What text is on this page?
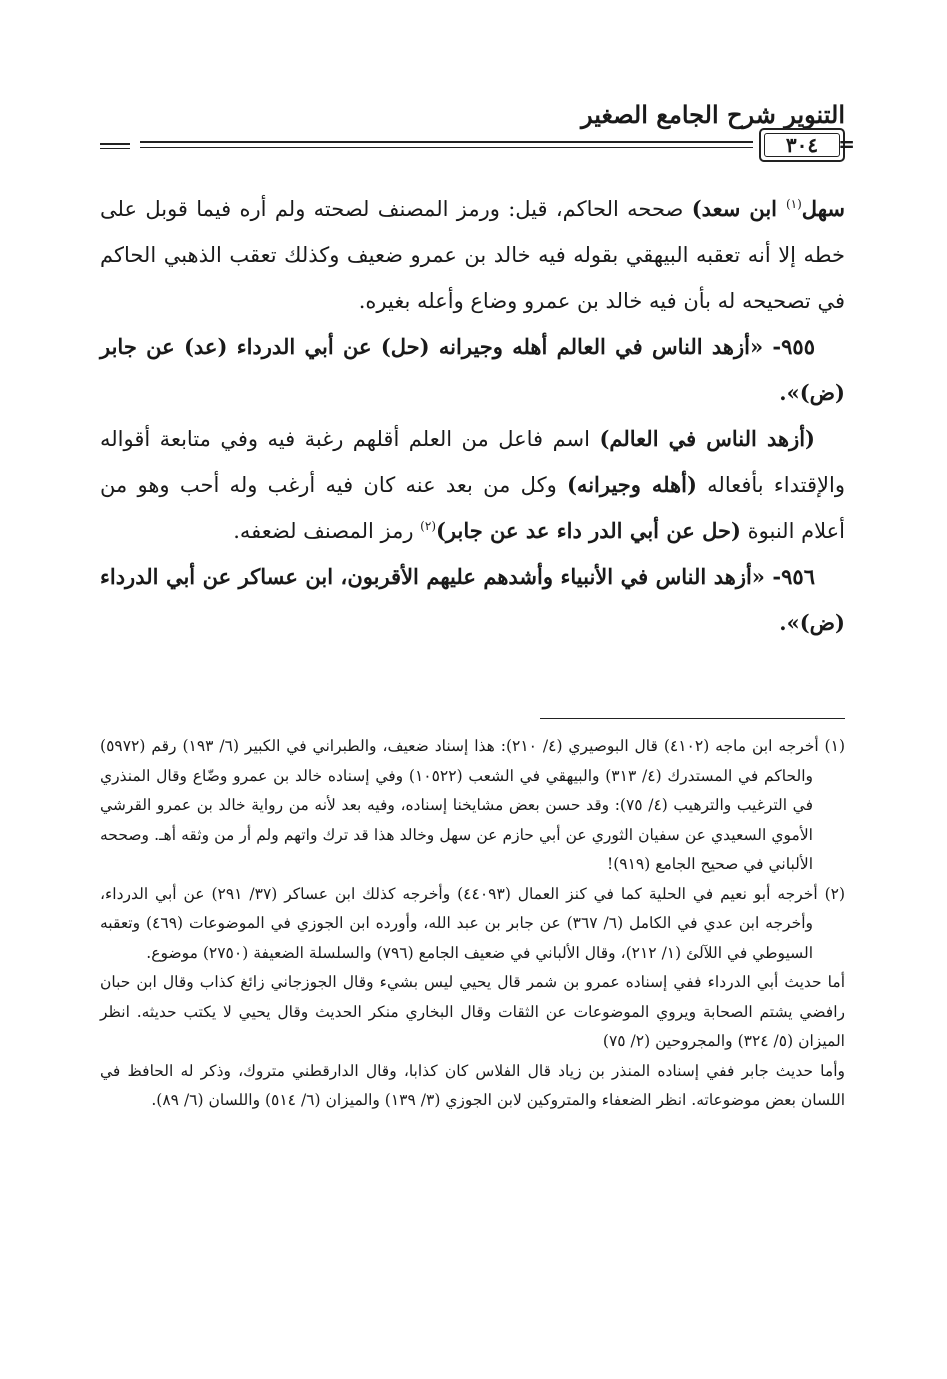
التنوير شرح الجامع الصغير
٣٠٤ =

سهل$^{(١)}$ ابن سعد) صححه الحاكم، قيل: ورمز المصنف لصحته ولم أره فيما قوبل على خطه إلا أنه تعقبه البيهقي بقوله فيه خالد بن عمرو ضعيف وكذلك تعقب الذهبي الحاكم في تصحيحه له بأن فيه خالد بن عمرو وضاع وأعله بغيره.

٩٥٥- «أزهد الناس في العالم أهله وجيرانه (حل) عن أبي الدرداء (عد) عن جابر (ض)».

(أزهد الناس في العالم) اسم فاعل من العلم أقلهم رغبة فيه وفي متابعة أقواله والإقتداء بأفعاله (أهله وجيرانه) وكل من بعد عنه كان فيه أرغب وله أحب وهو من أعلام النبوة (حل عن أبي الدر داء عد عن جابر)$^{(٢)}$ رمز المصنف لضعفه.

٩٥٦- «أزهد الناس في الأنبياء وأشدهم عليهم الأقربون، ابن عساكر عن أبي الدرداء (ض)».

(١) أخرجه ابن ماجه (٤١٠٢) قال البوصيري (٤/ ٢١٠): هذا إسناد ضعيف، والطبراني في الكبير (٦/ ١٩٣) رقم (٥٩٧٢) والحاكم في المستدرك (٤/ ٣١٣) والبيهقي في الشعب (١٠٥٢٢) وفي إسناده خالد بن عمرو وضّاع وقال المنذري في الترغيب والترهيب (٤/ ٧٥): وقد حسن بعض مشايخنا إسناده، وفيه بعد لأنه من رواية خالد بن عمرو القرشي الأموي السعيدي عن سفيان الثوري عن أبي حازم عن سهل وخالد هذا قد ترك واتهم ولم أر من وثقه أهـ. وصححه الألباني في صحيح الجامع (٩١٩)!

(٢) أخرجه أبو نعيم في الحلية كما في كنز العمال (٤٤٠٩٣) وأخرجه كذلك ابن عساكر (٣٧/ ٢٩١) عن أبي الدرداء، وأخرجه ابن عدي في الكامل (٦/ ٣٦٧) عن جابر بن عبد الله، وأورده ابن الجوزي في الموضوعات (٤٦٩) وتعقبه السيوطي في اللآلئ (١/ ٢١٢)، وقال الألباني في ضعيف الجامع (٧٩٦) والسلسلة الضعيفة (٢٧٥٠) موضوع.

أما حديث أبي الدرداء ففي إسناده عمرو بن شمر قال يحيي ليس بشيء وقال الجوزجاني زائغ كذاب وقال ابن حبان رافضي يشتم الصحابة ويروي الموضوعات عن الثقات وقال البخاري منكر الحديث وقال يحيي لا يكتب حديثه. انظر الميزان (٥/ ٣٢٤) والمجروحين (٢/ ٧٥)

وأما حديث جابر ففي إسناده المنذر بن زياد قال الفلاس كان كذابا، وقال الدارقطني متروك، وذكر له الحافظ في اللسان بعض موضوعاته. انظر الضعفاء والمتروكين لابن الجوزي (٣/ ١٣٩) والميزان (٦/ ٥١٤) واللسان (٦/ ٨٩).
